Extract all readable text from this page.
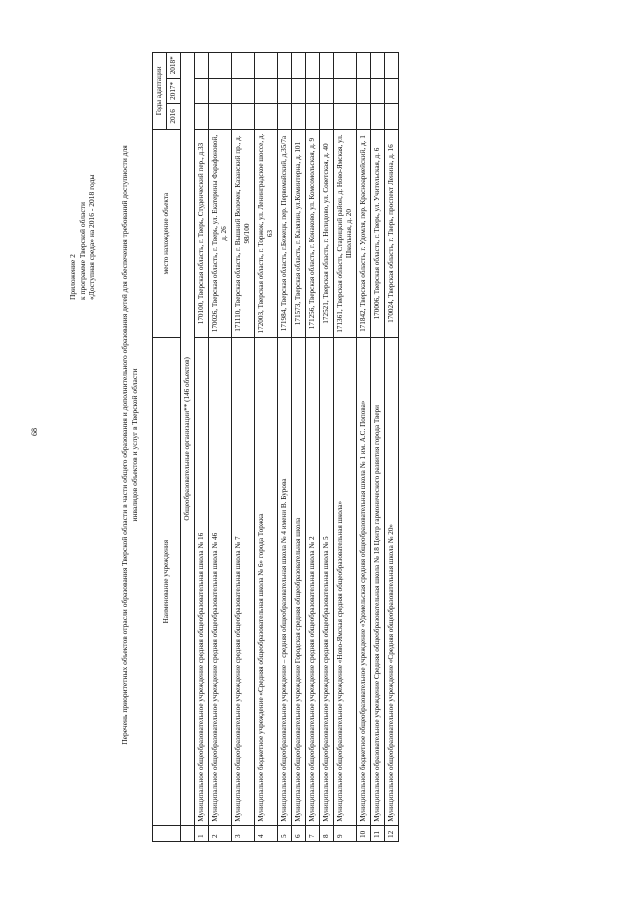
68
Приложение 2 к программе Тверской области «Доступная среда» на 2016 - 2018 годы	Перечень приоритетных объектов отрасли образования Тверской области в части общего образования и дополнительного образования детей для обеспечения требований доступности для инвалидов объектов и услуг в Тверской области
	Наименование учреждения	место нахождение объекта	Годы адаптации		
			2016	2017*	2018*
	Общеобразовательные организации** (146 объектов)				
1	Муниципальное общеобразовательное учреждение средняя общеобразовательная школа № 16	170100, Тверская область, г. Тверь, Студенческий пер., д.33			
2	Муниципальное общеобразовательное учреждение средняя общеобразовательная школа № 46	170026, Тверская область, г. Тверь, ул. Екатерины Фарафоновой, д. 26			
3	Муниципальное общеобразовательное учреждение средняя общеобразовательная школа № 7	171110, Тверская область, г. Вышний Волочек, Казанский пр., д. 98/100			
4	Муниципальное бюджетное учреждение «Средняя общеобразовательная школа № 6» города Торжка	172003, Тверская область, г. Торжок, ул. Ленинградское шоссе, д. 63			
5	Муниципальное общеобразовательное учреждение – средняя общеобразовательная школа № 4 имени В. Бурова	171984, Тверская область, г.Бежецк, пер. Первомайский, д.35/7а			
6	Муниципальное общеобразовательное учреждение Городская средняя общеобразовательная школа	171573, Тверская область, г. Калязин, ул.Коминтерна, д. 101			
7	Муниципальное общеобразовательное учреждение средняя общеобразовательная школа № 2	171256, Тверская область, г. Конаково, ул. Комсомольская, д. 9			
8	Муниципальное общеобразовательное учреждение средняя общеобразовательная школа № 5	172521, Тверская область, г. Нелидово, ул. Советская, д. 40			
9	Муниципальное общеобразовательное учреждение «Ново-Ямская средняя общеобразовательная школа»	171361, Тверская область, Старицкий район, д. Ново-Ямская, ул. Школьная, д. 20			
10	Муниципальное бюджетное общеобразовательное учреждение «Удомельская средняя общеобразовательная школа № 1 им. А.С. Попова»	171842, Тверская область, г. Удомля, пер. Красноармейский, д. 1			
11	Муниципальное образовательное учреждение Средняя общеобразовательная школа № 18 Центр гармонического развития города Твери	170006, Тверская область, г. Тверь, ул. Учительская, д. 6			
12	Муниципальное общеобразовательное учреждение «Средняя общеобразовательная школа № 20»	170024, Тверская область, г. Тверь, проспект Ленина, д. 16			
